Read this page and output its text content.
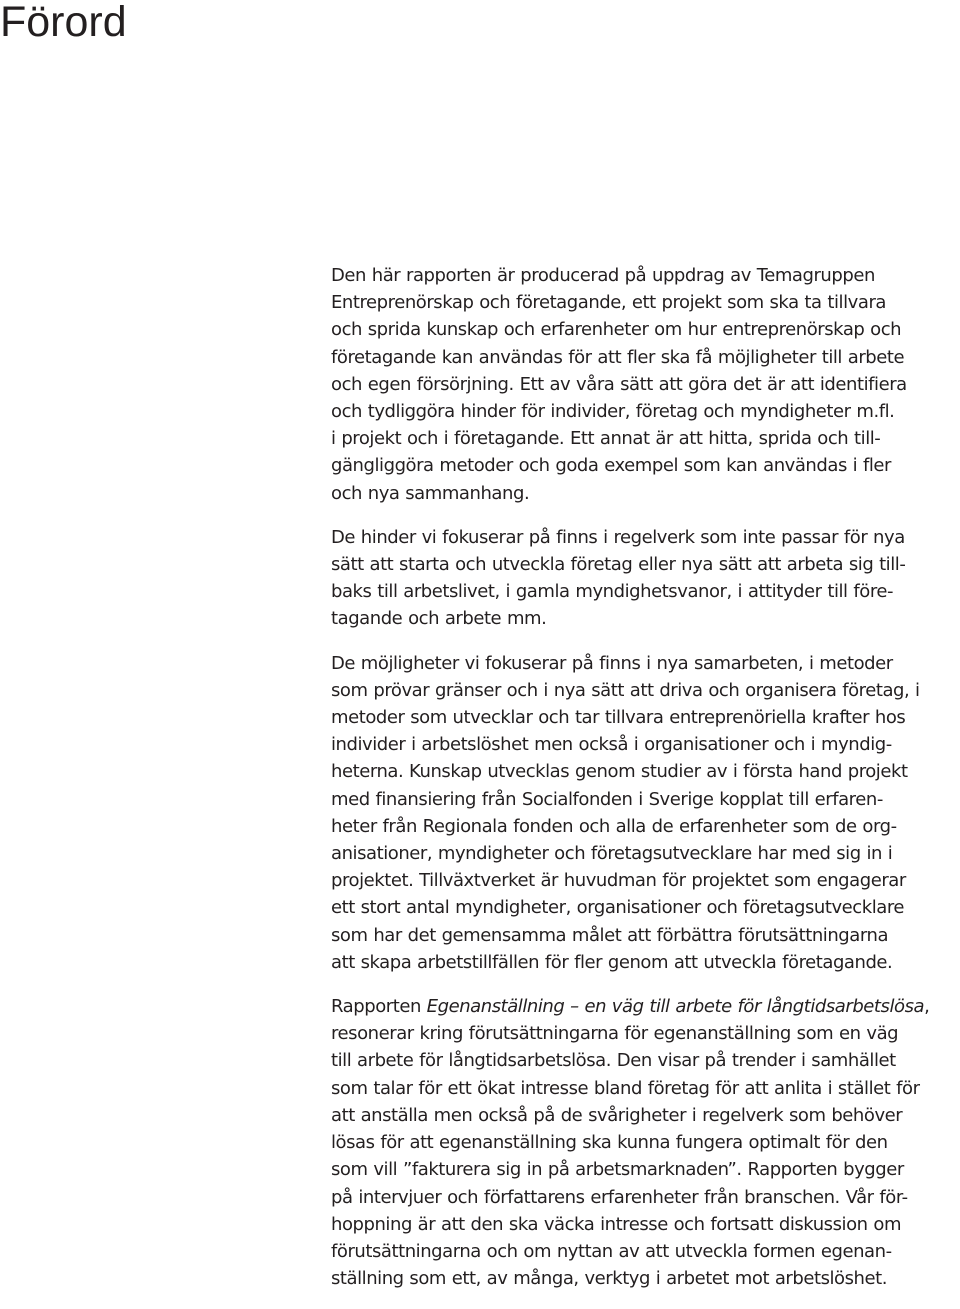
Förord

Den här rapporten är producerad på uppdrag av Temagruppen
Entreprenörskap och företagande, ett projekt som ska ta tillvara
och sprida kunskap och erfarenheter om hur entreprenörskap och
företagande kan användas för att fler ska få möjligheter till arbete
och egen försörjning. Ett av våra sätt att göra det är att identifiera
och tydliggöra hinder för individer, företag och myndigheter m.fl.
i projekt och i företagande. Ett annat är att hitta, sprida och till-
gängliggöra metoder och goda exempel som kan användas i fler
och nya sammanhang.

De hinder vi fokuserar på finns i regelverk som inte passar för nya
sätt att starta och utveckla företag eller nya sätt att arbeta sig till-
baks till arbetslivet, i gamla myndighetsvanor, i attityder till före-
tagande och arbete mm.

De möjligheter vi fokuserar på finns i nya samarbeten, i metoder
som prövar gränser och i nya sätt att driva och organisera företag, i
metoder som utvecklar och tar tillvara entreprenöriella krafter hos
individer i arbetslöshet men också i organisationer och i myndig-
heterna. Kunskap utvecklas genom studier av i första hand projekt
med finansiering från Socialfonden i Sverige kopplat till erfaren-
heter från Regionala fonden och alla de erfarenheter som de org-
anisationer, myndigheter och företagsutvecklare har med sig in i
projektet. Tillväxtverket är huvudman för projektet som engagerar
ett stort antal myndigheter, organisationer och företagsutvecklare
som har det gemensamma målet att förbättra förutsättningarna
att skapa arbetstillfällen för fler genom att utveckla företagande.

Rapporten Egenanställning – en väg till arbete för långtidsarbetslösa,
resonerar kring förutsättningarna för egenanställning som en väg
till arbete för långtidsarbetslösa. Den visar på trender i samhället
som talar för ett ökat intresse bland företag för att anlita i stället för
att anställa men också på de svårigheter i regelverk som behöver
lösas för att egenanställning ska kunna fungera optimalt för den
som vill ”fakturera sig in på arbetsmarknaden”. Rapporten bygger
på intervjuer och författarens erfarenheter från branschen. Vår för-
hoppning är att den ska väcka intresse och fortsatt diskussion om
förutsättningarna och om nyttan av att utveckla formen egenan-
ställning som ett, av många, verktyg i arbetet mot arbetslöshet.
